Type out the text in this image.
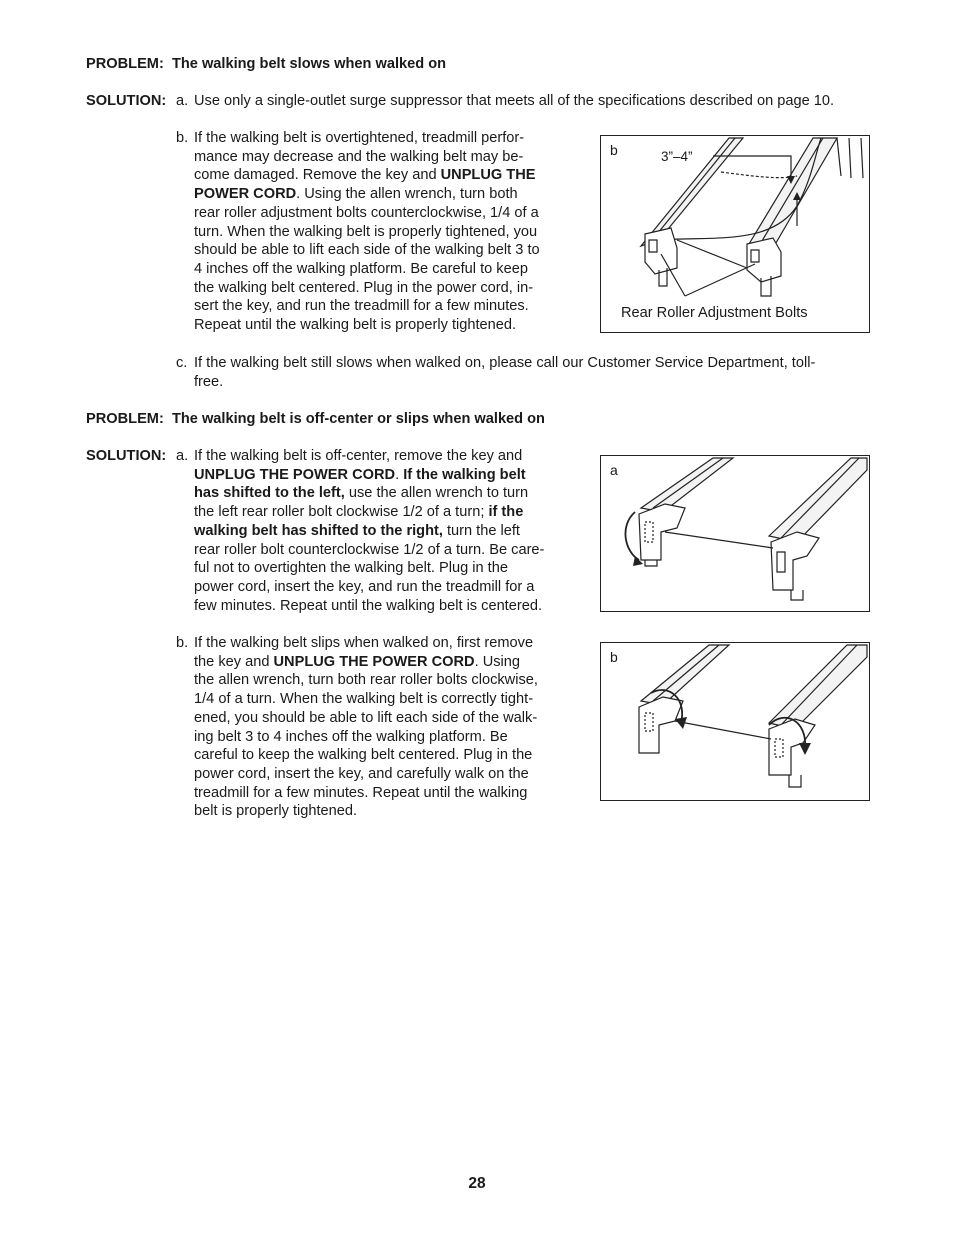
PROBLEM: The walking belt slows when walked on
SOLUTION: a. Use only a single-outlet surge suppressor that meets all of the specifications described on page 10.
b. If the walking belt is overtightened, treadmill perfor-
mance may decrease and the walking belt may be-
come damaged. Remove the key and UNPLUG THE
POWER CORD. Using the allen wrench, turn both
rear roller adjustment bolts counterclockwise, 1/4 of a
turn. When the walking belt is properly tightened, you
should be able to lift each side of the walking belt 3 to
4 inches off the walking platform. Be careful to keep
the walking belt centered. Plug in the power cord, in-
sert the key, and run the treadmill for a few minutes.
Repeat until the walking belt is properly tightened.
b	3”–4”
Rear Roller Adjustment Bolts
c. If the walking belt still slows when walked on, please call our Customer Service Department, toll-
free.
PROBLEM: The walking belt is off-center or slips when walked on
SOLUTION: a. If the walking belt is off-center, remove the key and
UNPLUG THE POWER CORD. If the walking belt
has shifted to the left, use the allen wrench to turn
the left rear roller bolt clockwise 1/2 of a turn; if the
walking belt has shifted to the right, turn the left
rear roller bolt counterclockwise 1/2 of a turn. Be care-
ful not to overtighten the walking belt. Plug in the
power cord, insert the key, and run the treadmill for a
few minutes. Repeat until the walking belt is centered.
a
b. If the walking belt slips when walked on, first remove
the key and UNPLUG THE POWER CORD. Using
the allen wrench, turn both rear roller bolts clockwise,
1/4 of a turn. When the walking belt is correctly tight-
ened, you should be able to lift each side of the walk-
ing belt 3 to 4 inches off the walking platform. Be
careful to keep the walking belt centered. Plug in the
power cord, insert the key, and carefully walk on the
treadmill for a few minutes. Repeat until the walking
belt is properly tightened.
b
28
